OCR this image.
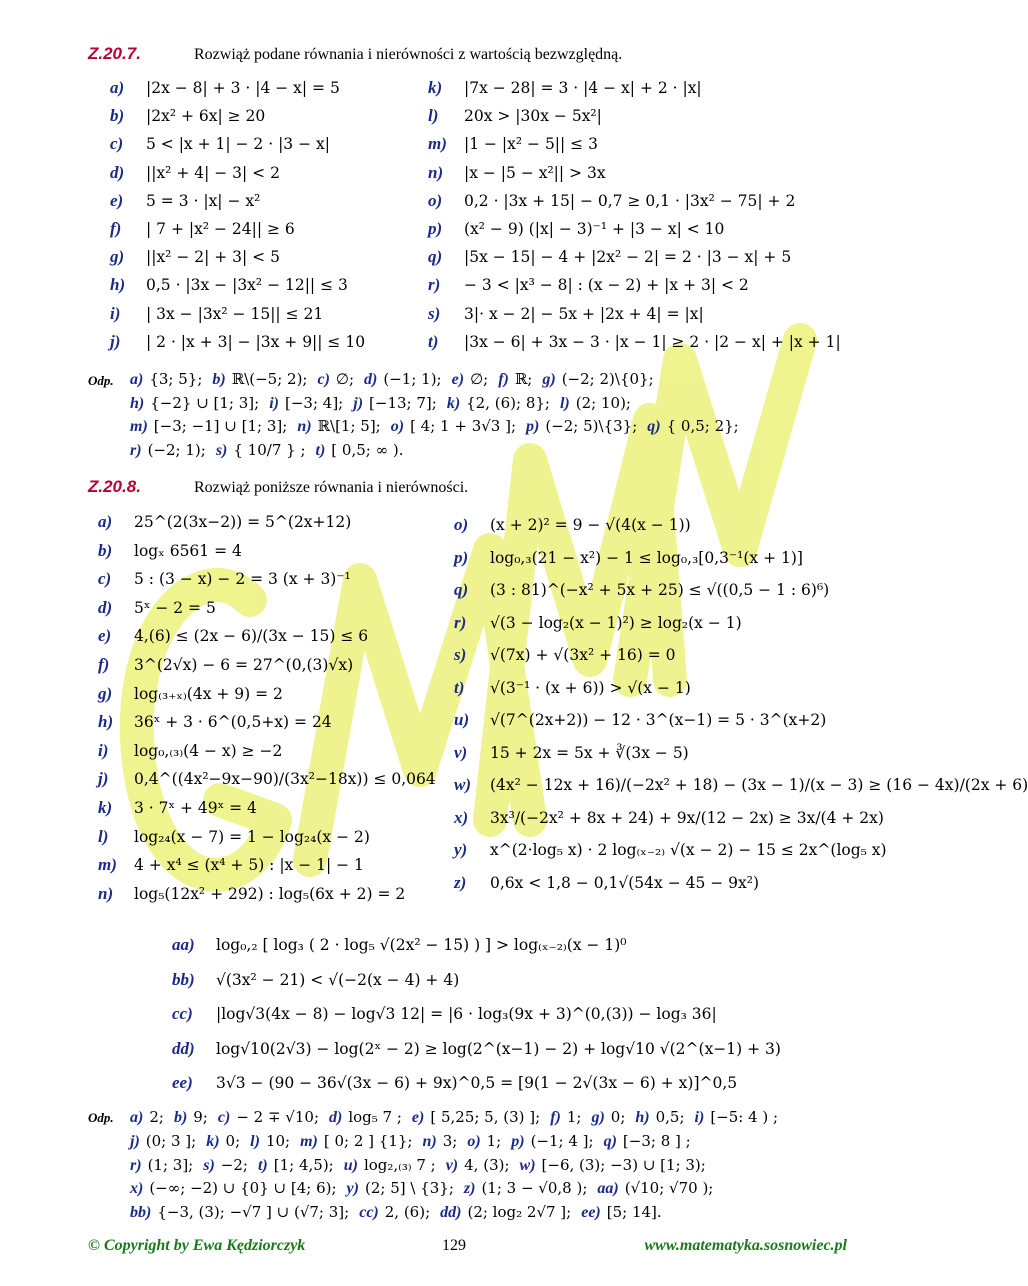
Z.20.7.	Rozwiąż podane równania i nierówności z wartością bezwzględną.
a) |2x − 8| + 3 · |4 − x| = 5
b) |2x² + 6x| ≥ 20
c) 5 < |x + 1| − 2 · |3 − x|
d) ||x² + 4| − 3| < 2
e) 5 = 3 · |x| − x²
f) | 7 + |x² − 24|| ≥ 6
g) ||x² − 2| + 3| < 5
h) 0,5 · |3x − |3x² − 12|| ≤ 3
i) | 3x − |3x² − 15|| ≤ 21
j) | 2 · |x + 3| − |3x + 9|| ≤ 10
k) |7x − 28| = 3 · |4 − x| + 2 · |x|
l) 20x > |30x − 5x²|
m) |1 − |x² − 5|| ≤ 3
n) |x − |5 − x²|| > 3x
o) 0,2 · |3x + 15| − 0,7 ≥ 0,1 · |3x² − 75| + 2
p) (x² − 9) (|x| − 3)⁻¹ + |3 − x| < 10
q) |5x − 15| − 4 + |2x² − 2| = 2 · |3 − x| + 5
r) − 3 < |x³ − 8| : (x − 2) + |x + 3| < 2
s) 3|· x − 2| − 5x + |2x + 4| = |x|
t) |3x − 6| + 3x − 3 · |x − 1| ≥ 2 · |2 − x| + |x + 1|
Odp. a) {3; 5}; b) ℝ\(−5; 2); c) ∅; d) (−1; 1); e) ∅; f) ℝ; g) (−2; 2)\{0};
h) {−2} ∪ [1; 3]; i) [−3; 4]; j) [−13; 7]; k) {2, (6); 8}; l) (2; 10);
m) [−3; −1] ∪ [1; 3]; n) ℝ\[1; 5]; o) [ 4; 1 + 3√3 ]; p) (−2; 5)\{3}; q) { 0,5; 2};
r) (−2; 1); s) { 10/7 } ; t) [ 0,5; ∞ ).
Z.20.8.	Rozwiąż poniższe równania i nierówności.
a) 25^(2(3x−2)) = 5^(2x+12)
b) logₓ 6561 = 4
c) 5 : (3 − x) − 2 = 3 (x + 3)⁻¹
d) 5ˣ − 2 = 5
e) 4,(6) ≤ (2x − 6)/(3x − 15) ≤ 6
f) 3^(2√x) − 6 = 27^(0,(3)√x)
g) log₍₃₊ₓ₎(4x + 9) = 2
h) 36ˣ + 3 · 6^(0,5+x) = 24
i) log₀,₍₃₎(4 − x) ≥ −2
j) 0,4^((4x²−9x−90)/(3x²−18x)) ≤ 0,064
k) 3 · 7ˣ + 49ˣ = 4
l) log₂₄(x − 7) = 1 − log₂₄(x − 2)
m) 4 + x⁴ ≤ (x⁴ + 5) : |x − 1| − 1
n) log₅(12x² + 292) : log₅(6x + 2) = 2
o) (x + 2)² = 9 − √(4(x − 1))
p) log₀,₃(21 − x²) − 1 ≤ log₀,₃[0,3⁻¹(x + 1)]
q) (3 : 81)^(−x² + 5x + 25) ≤ √((0,5 − 1 : 6)⁶)
r) √(3 − log₂(x − 1)²) ≥ log₂(x − 1)
s) √(7x) + √(3x² + 16) = 0
t) √(3⁻¹ · (x + 6)) > √(x − 1)
u) √(7^(2x+2)) − 12 · 3^(x−1) = 5 · 3^(x+2)
v) 15 + 2x = 5x + ∛(3x − 5)
w) (4x² − 12x + 16)/(−2x² + 18) − (3x − 1)/(x − 3) ≥ (16 − 4x)/(2x + 6)
x) 3x³/(−2x² + 8x + 24) + 9x/(12 − 2x) ≥ 3x/(4 + 2x)
y) x^(2·log₅ x) · 2 log₍ₓ₋₂₎ √(x − 2) − 15 ≤ 2x^(log₅ x)
z) 0,6x < 1,8 − 0,1√(54x − 45 − 9x²)
aa) log₀,₂ [ log₃ ( 2 · log₅ √(2x² − 15) ) ] > log₍ₓ₋₂₎(x − 1)⁰
bb) √(3x² − 21) < √(−2(x − 4) + 4)
cc) |log√3(4x − 8) − log√3 12| = |6 · log₃(9x + 3)^(0,(3)) − log₃ 36|
dd) log√10(2√3) − log(2ˣ − 2) ≥ log(2^(x−1) − 2) + log√10 √(2^(x−1) + 3)
ee) 3√3 − (90 − 36√(3x − 6) + 9x)^0,5 = [9(1 − 2√(3x − 6) + x)]^0,5
Odp. a) 2; b) 9; c) − 2 ∓ √10; d) log₅ 7 ; e) [ 5,25; 5, (3) ]; f) 1; g) 0; h) 0,5; i) [−5: 4 ) ;
j) (0; 3 ]; k) 0; l) 10; m) [ 0; 2 ] {1}; n) 3; o) 1; p) (−1; 4 ]; q) [−3; 8 ] ;
r) (1; 3]; s) −2; t) [1; 4,5); u) log₂,₍₃₎ 7 ; v) 4, (3); w) [−6, (3); −3) ∪ [1; 3);
x) (−∞; −2) ∪ {0} ∪ [4; 6); y) (2; 5] \ {3}; z) (1; 3 − √0,8 ); aa) (√10; √70 );
bb) {−3, (3); −√7 ] ∪ (√7; 3]; cc) 2, (6); dd) (2; log₂ 2√7 ]; ee) [5; 14].
© Copyright by Ewa Kędziorczyk	129	www.matematyka.sosnowiec.pl
